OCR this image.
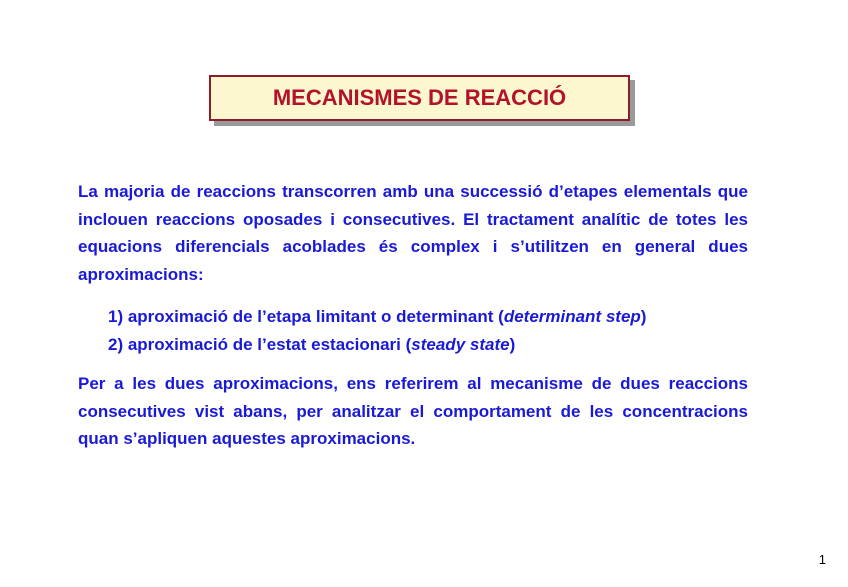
MECANISMES DE REACCIÓ

La majoria de reaccions transcorren amb una successió d’etapes elementals que inclouen reaccions oposades i consecutives. El tractament analític de totes les equacions diferencials acoblades és complex i s’utilitzen en general dues aproximacions:

1) aproximació de l’etapa limitant o determinant (determinant step)
2) aproximació de l’estat estacionari (steady state)

Per a les dues aproximacions, ens referirem al mecanisme de dues reaccions consecutives vist abans, per analitzar el comportament de les concentracions quan s’apliquen aquestes aproximacions.

1
